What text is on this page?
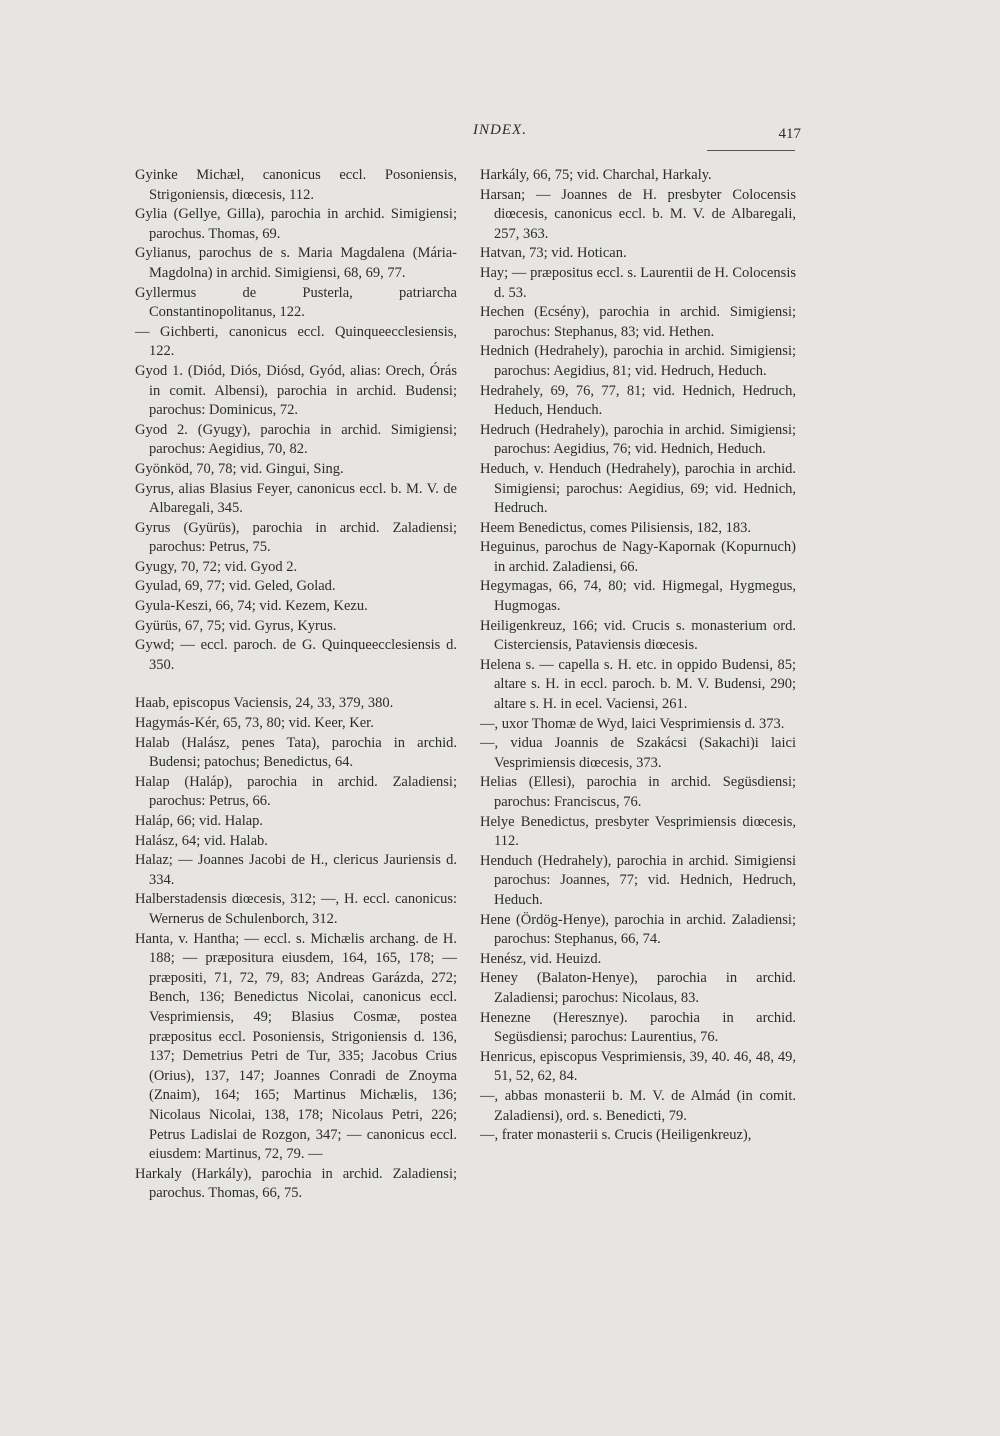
INDEX.	417

Gyinke Michæl, canonicus eccl. Posoniensis, Strigoniensis, diœcesis, 112.

Gylia (Gellye, Gilla), parochia in archid. Simigiensi; parochus. Thomas, 69.

Gylianus, parochus de s. Maria Magdalena (Mária-Magdolna) in archid. Simigiensi, 68, 69, 77.

Gyllermus de Pusterla, patriarcha Constantinopolitanus, 122.

— Gichberti, canonicus eccl. Quinqueecclesiensis, 122.

Gyod 1. (Diód, Diós, Diósd, Gyód, alias: Orech, Órás in comit. Albensi), parochia in archid. Budensi; parochus: Dominicus, 72.

Gyod 2. (Gyugy), parochia in archid. Simigiensi; parochus: Aegidius, 70, 82.

Gyönköd, 70, 78; vid. Gingui, Sing.

Gyrus, alias Blasius Feyer, canonicus eccl. b. M. V. de Albaregali, 345.

Gyrus (Gyürüs), parochia in archid. Zaladiensi; parochus: Petrus, 75.

Gyugy, 70, 72; vid. Gyod 2.

Gyulad, 69, 77; vid. Geled, Golad.

Gyula-Keszi, 66, 74; vid. Kezem, Kezu.

Gyürüs, 67, 75; vid. Gyrus, Kyrus.

Gywd; — eccl. paroch. de G. Quinqueecclesiensis d. 350.

Haab, episcopus Vaciensis, 24, 33, 379, 380.

Hagymás-Kér, 65, 73, 80; vid. Keer, Ker.

Halab (Halász, penes Tata), parochia in archid. Budensi; patochus; Benedictus, 64.

Halap (Haláp), parochia in archid. Zaladiensi; parochus: Petrus, 66.

Haláp, 66; vid. Halap.

Halász, 64; vid. Halab.

Halaz; — Joannes Jacobi de H., clericus Jauriensis d. 334.

Halberstadensis diœcesis, 312; —, H. eccl. canonicus: Wernerus de Schulenborch, 312.

Hanta, v. Hantha; — eccl. s. Michælis archang. de H. 188; — præpositura eiusdem, 164, 165, 178; — præpositi, 71, 72, 79, 83; Andreas Garázda, 272; Bench, 136; Benedictus Nicolai, canonicus eccl. Vesprimiensis, 49; Blasius Cosmæ, postea præpositus eccl. Posoniensis, Strigoniensis d. 136, 137; Demetrius Petri de Tur, 335; Jacobus Crius (Orius), 137, 147; Joannes Conradi de Znoyma (Znaim), 164; 165; Martinus Michælis, 136; Nicolaus Nicolai, 138, 178; Nicolaus Petri, 226; Petrus Ladislai de Rozgon, 347; — canonicus eccl. eiusdem: Martinus, 72, 79. —

Harkaly (Harkály), parochia in archid. Zaladiensi; parochus. Thomas, 66, 75.

Harkály, 66, 75; vid. Charchal, Harkaly.

Harsan; — Joannes de H. presbyter Colocensis diœcesis, canonicus eccl. b. M. V. de Albaregali, 257, 363.

Hatvan, 73; vid. Hotican.

Hay; — præpositus eccl. s. Laurentii de H. Colocensis d. 53.

Hechen (Ecsény), parochia in archid. Simigiensi; parochus: Stephanus, 83; vid. Hethen.

Hednich (Hedrahely), parochia in archid. Simigiensi; parochus: Aegidius, 81; vid. Hedruch, Heduch.

Hedrahely, 69, 76, 77, 81; vid. Hednich, Hedruch, Heduch, Henduch.

Hedruch (Hedrahely), parochia in archid. Simigiensi; parochus: Aegidius, 76; vid. Hednich, Heduch.

Heduch, v. Henduch (Hedrahely), parochia in archid. Simigiensi; parochus: Aegidius, 69; vid. Hednich, Hedruch.

Heem Benedictus, comes Pilisiensis, 182, 183.

Heguinus, parochus de Nagy-Kapornak (Kopurnuch) in archid. Zaladiensi, 66.

Hegymagas, 66, 74, 80; vid. Higmegal, Hygmegus, Hugmogas.

Heiligenkreuz, 166; vid. Crucis s. monasterium ord. Cisterciensis, Pataviensis diœcesis.

Helena s. — capella s. H. etc. in oppido Budensi, 85; altare s. H. in eccl. paroch. b. M. V. Budensi, 290; altare s. H. in ecel. Vaciensi, 261.

—, uxor Thomæ de Wyd, laici Vesprimiensis d. 373.

—, vidua Joannis de Szakácsi (Sakachi)i laici Vesprimiensis diœcesis, 373.

Helias (Ellesi), parochia in archid. Següsdiensi; parochus: Franciscus, 76.

Helye Benedictus, presbyter Vesprimiensis diœcesis, 112.

Henduch (Hedrahely), parochia in archid. Simigiensi parochus: Joannes, 77; vid. Hednich, Hedruch, Heduch.

Hene (Ördög-Henye), parochia in archid. Zaladiensi; parochus: Stephanus, 66, 74.

Henész, vid. Heuizd.

Heney (Balaton-Henye), parochia in archid. Zaladiensi; parochus: Nicolaus, 83.

Henezne (Heresznye). parochia in archid. Següsdiensi; parochus: Laurentius, 76.

Henricus, episcopus Vesprimiensis, 39, 40. 46, 48, 49, 51, 52, 62, 84.

—, abbas monasterii b. M. V. de Almád (in comit. Zaladiensi), ord. s. Benedicti, 79.

—, frater monasterii s. Crucis (Heiligenkreuz),
